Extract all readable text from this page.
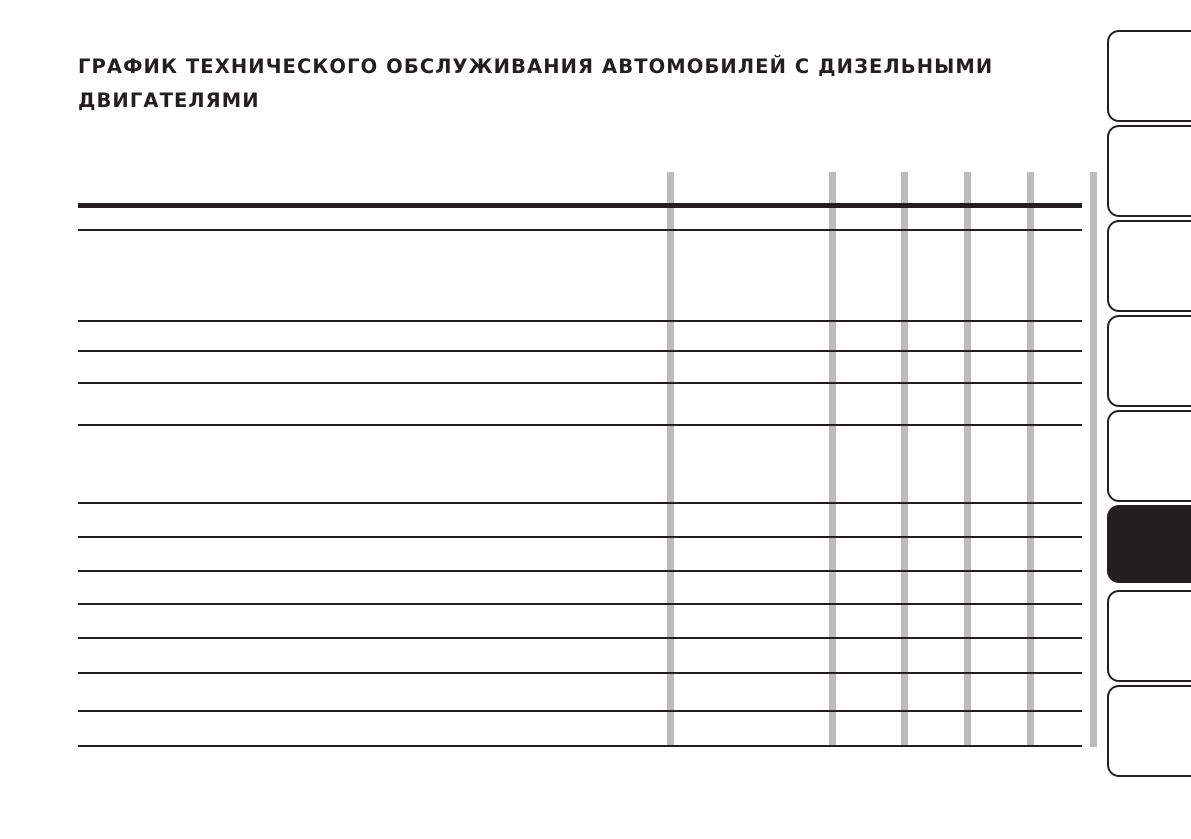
ГРАФИК ТЕХНИЧЕСКОГО ОБСЛУЖИВАНИЯ АВТОМОБИЛЕЙ С ДИЗЕЛЬНЫМИ ДВИГАТЕЛЯМИ
